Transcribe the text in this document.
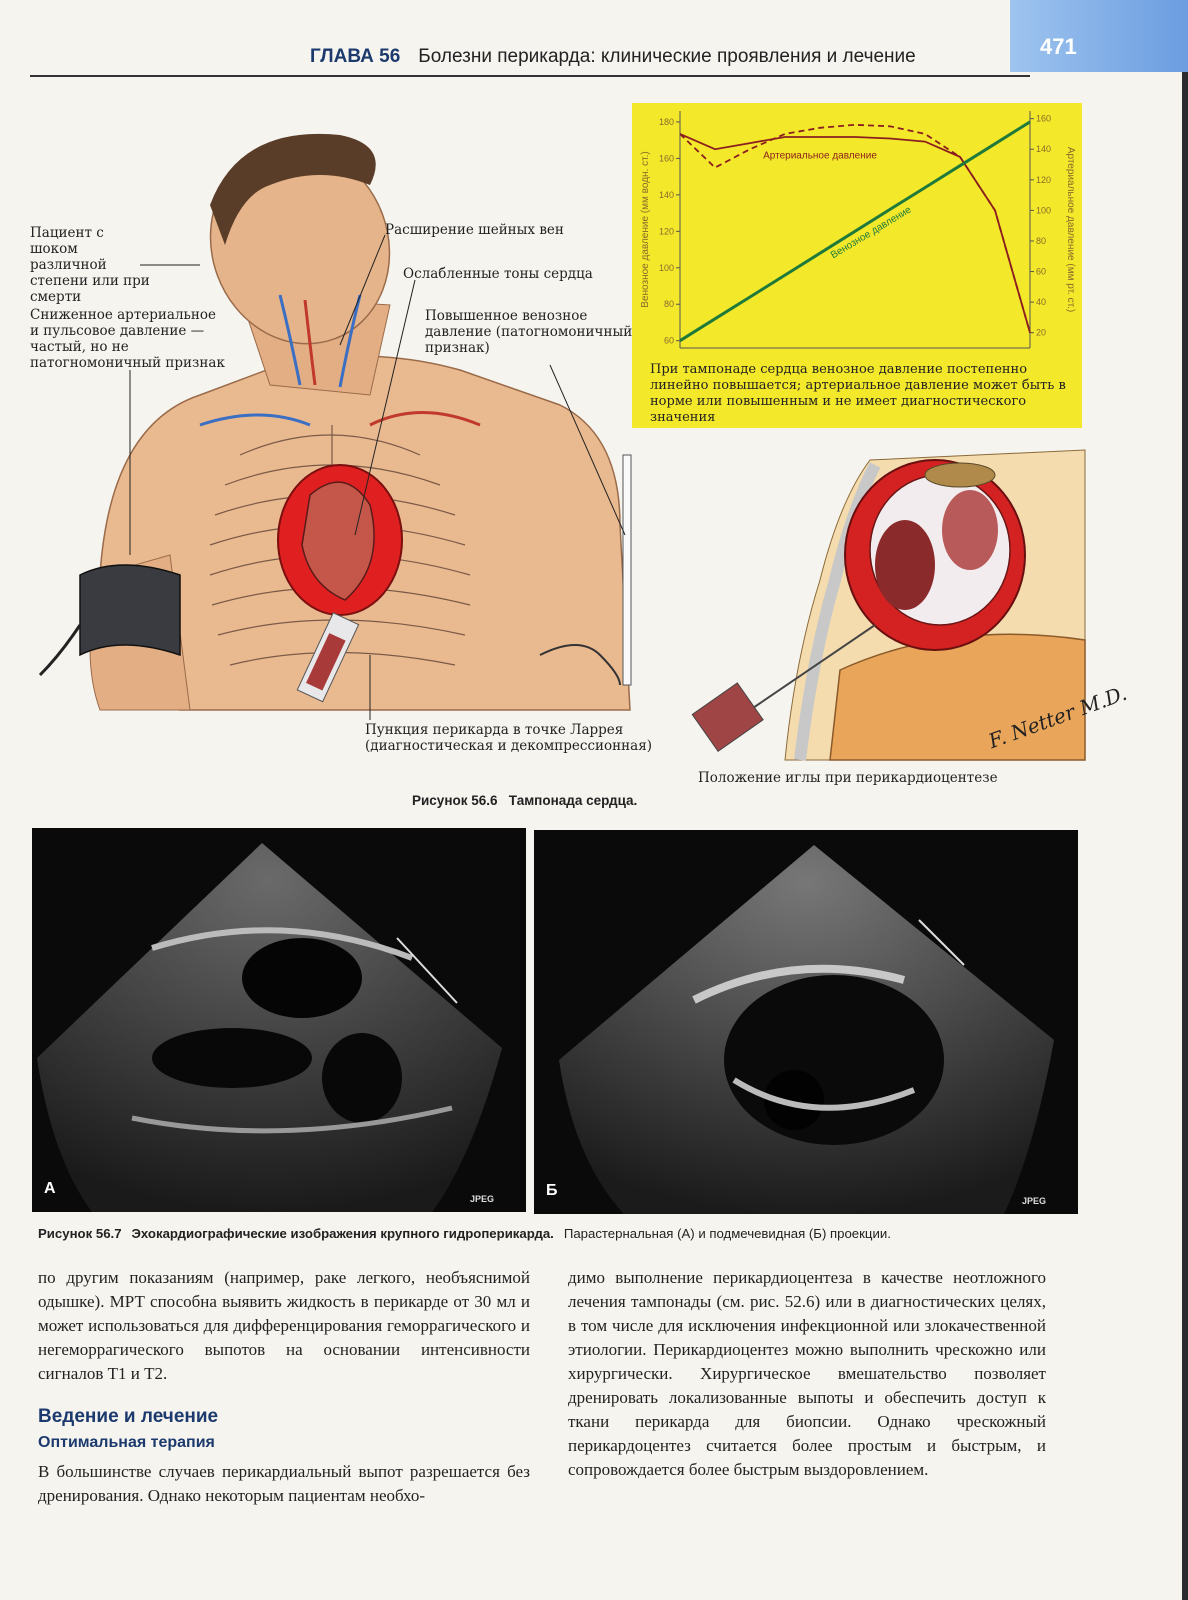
471
ГЛАВА 56 Болезни перикарда: клинические проявления и лечение
Пациент с шоком различной степени или при смерти
Сниженное артериальное и пульсовое давление — частый, но не патогномоничный признак
Расширение шейных вен
Ослабленные тоны сердца
Повышенное венозное давление (патогномоничный признак)
Пункция перикарда в точке Ларрея (диагностическая и декомпрессионная)
60
80
100
120
140
160
180
20
40
60
80
100
120
140
160
Венозное давление (мм водн. ст.)	Артериальное давление (мм рт. ст.)
Артериальное давление
Венозное давление
При тампонаде сердца венозное давление постепенно линейно повышается; артериальное давление может быть в норме или повышенным и не имеет диагностического значения
F. Netter M.D.
Положение иглы при перикардиоцентезе
Рисунок 56.6 Тампонада сердца.
А
JPEG	Б
JPEG
Рисунок 56.7 Эхокардиографические изображения крупного гидроперикарда. Парастернальная (А) и подмечевидная (Б) проекции.
по другим показаниям (например, раке легкого, необъяснимой одышке). МРТ способна выявить жидкость в перикарде от 30 мл и может использоваться для дифференцирования геморрагического и негеморрагического выпотов на основании интенсивности сигналов Т1 и Т2.
Ведение и лечение
Оптимальная терапия
В большинстве случаев перикардиальный выпот разрешается без дренирования. Однако некоторым пациентам необхо-
димо выполнение перикардиоцентеза в качестве неотложного лечения тампонады (см. рис. 52.6) или в диагностических целях, в том числе для исключения инфекционной или злокачественной этиологии. Перикардиоцентез можно выполнить чрескожно или хирургически. Хирургическое вмешательство позволяет дренировать локализованные выпоты и обеспечить доступ к ткани перикарда для биопсии. Однако чрескожный перикардоцентез считается более простым и быстрым, и сопровождается более быстрым выздоровлением.
